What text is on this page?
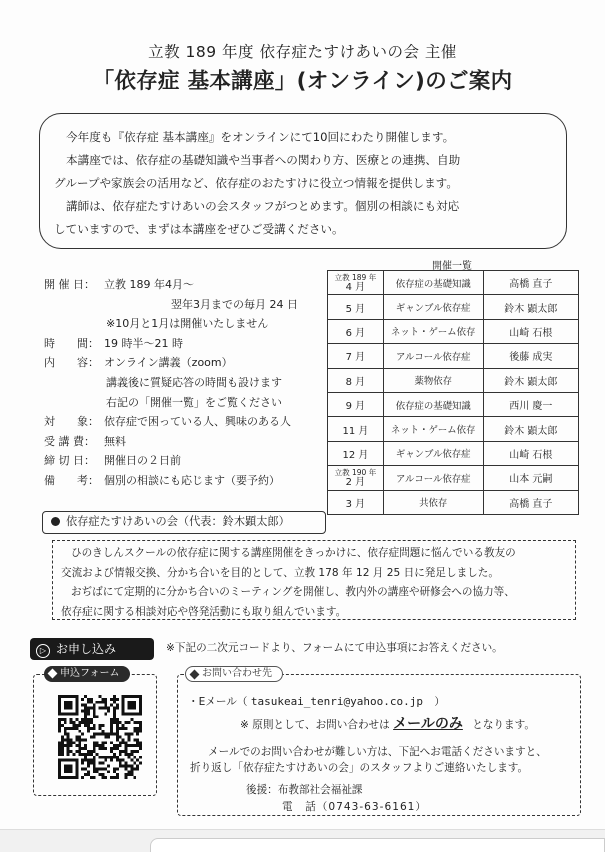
立教 189 年度 依存症たすけあいの会 主催
「依存症 基本講座」(オンライン)のご案内

今年度も『依存症 基本講座』をオンラインにて10回にわたり開催します。

本講座では、依存症の基礎知識や当事者への関わり方、医療との連携、自助

グループや家族会の活用など、依存症のおたすけに役立つ情報を提供します。

講師は、依存症たすけあいの会スタッフがつとめます。個別の相談にも対応

していますので、まずは本講座をぜひご受講ください。

開 催 日： 立教 189 年4月～
翌年3月までの毎月 24 日
※10月と1月は開催いたしません
時　　間： 19 時半～21 時
内　　容： オンライン講義（zoom）
講義後に質疑応答の時間も設けます
右記の「開催一覧」をご覧ください
対　　象： 依存症で困っている人、興味のある人
受 講 費： 無料
締 切 日： 開催日の２日前
備　　考： 個別の相談にも応じます（要予約）
開催一覧
立教 189 年
4 月	依存症の基礎知識	高橋 直子
5 月	ギャンブル依存症	鈴木 顕太郎
6 月	ネット・ゲーム依存	山崎 石根
7 月	アルコール依存症	後藤 成実
8 月	薬物依存	鈴木 顕太郎
9 月	依存症の基礎知識	西川 慶一
11 月	ネット・ゲーム依存	鈴木 顕太郎
12 月	ギャンブル依存症	山崎 石根

立教 190 年
2 月	アルコール依存症	山本 元嗣
3 月	共依存	高橋 直子
依存症たすけあいの会（代表：鈴木顕太郎）

ひのきしんスクールの依存症に関する講座開催をきっかけに、依存症問題に悩んでいる教友の

交流および情報交換、分かち合いを目的として、立教 178 年 12 月 25 日に発足しました。

おぢばにて定期的に分かち合いのミーティングを開催し、教内外の講座や研修会への協力等、

依存症に関する相談対応や啓発活動にも取り組んでいます。

▷ お申し込み	※下記の二次元コードより、フォームにて申込事項にお答えください。
申込フォーム	お問い合わせ先
・Eメール（ tasukeai_tenri@yahoo.co.jp ）
※ 原則として、お問い合わせは メールのみ となります。
メールでのお問い合わせが難しい方は、下記へお電話くださいますと、
折り返し「依存症たすけあいの会」のスタッフよりご連絡いたします。
後援：布教部社会福祉課
電　話（0743-63-6161）
